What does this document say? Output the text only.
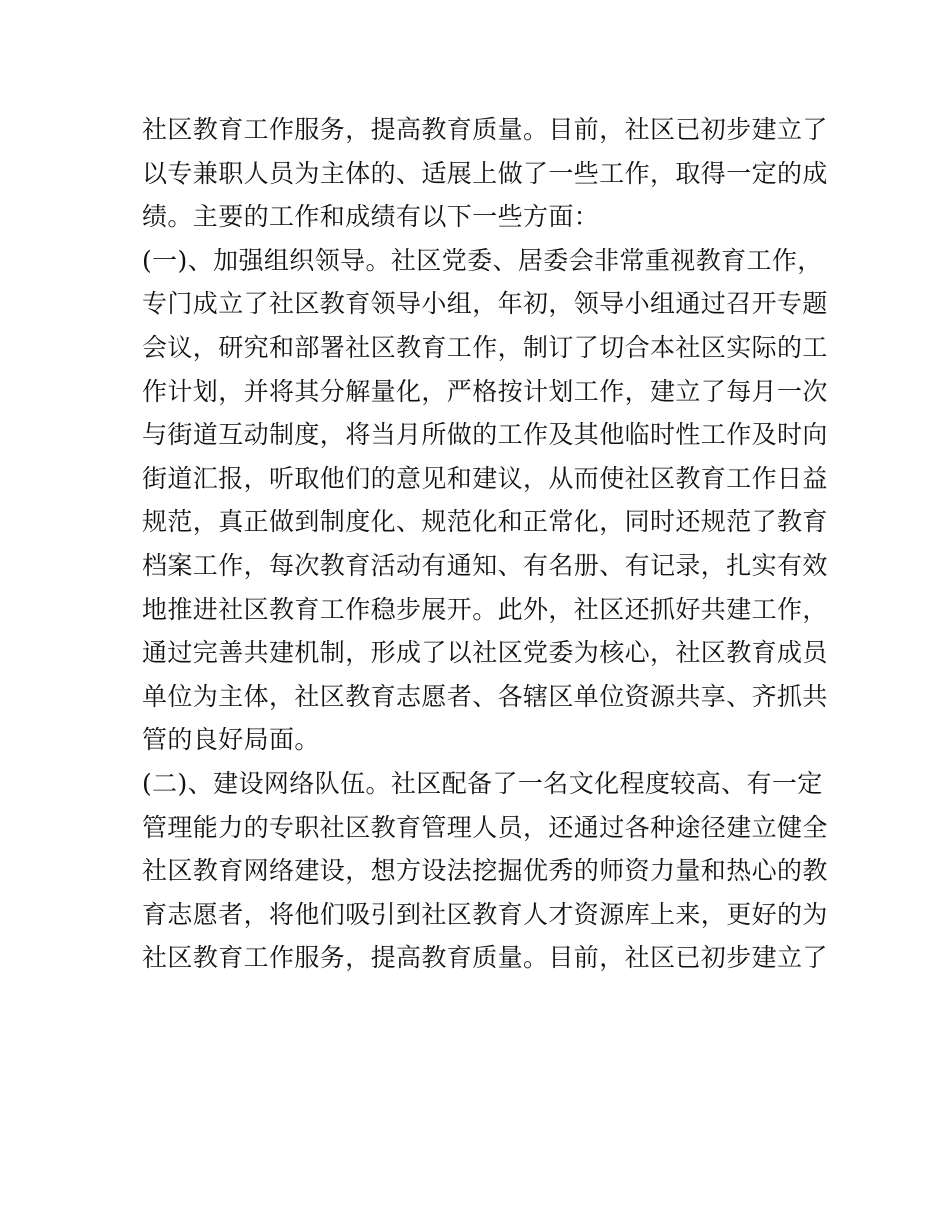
社区教育工作服务，提高教育质量。目前，社区已初步建立了
以专兼职人员为主体的、适展上做了一些工作，取得一定的成
绩。主要的工作和成绩有以下一些方面：
(一)、加强组织领导。社区党委、居委会非常重视教育工作，
专门成立了社区教育领导小组，年初，领导小组通过召开专题
会议，研究和部署社区教育工作，制订了切合本社区实际的工
作计划，并将其分解量化，严格按计划工作，建立了每月一次
与街道互动制度，将当月所做的工作及其他临时性工作及时向
街道汇报，听取他们的意见和建议，从而使社区教育工作日益
规范，真正做到制度化、规范化和正常化，同时还规范了教育
档案工作，每次教育活动有通知、有名册、有记录，扎实有效
地推进社区教育工作稳步展开。此外，社区还抓好共建工作，
通过完善共建机制，形成了以社区党委为核心，社区教育成员
单位为主体，社区教育志愿者、各辖区单位资源共享、齐抓共
管的良好局面。
(二)、建设网络队伍。社区配备了一名文化程度较高、有一定
管理能力的专职社区教育管理人员，还通过各种途径建立健全
社区教育网络建设，想方设法挖掘优秀的师资力量和热心的教
育志愿者，将他们吸引到社区教育人才资源库上来，更好的为
社区教育工作服务，提高教育质量。目前，社区已初步建立了
